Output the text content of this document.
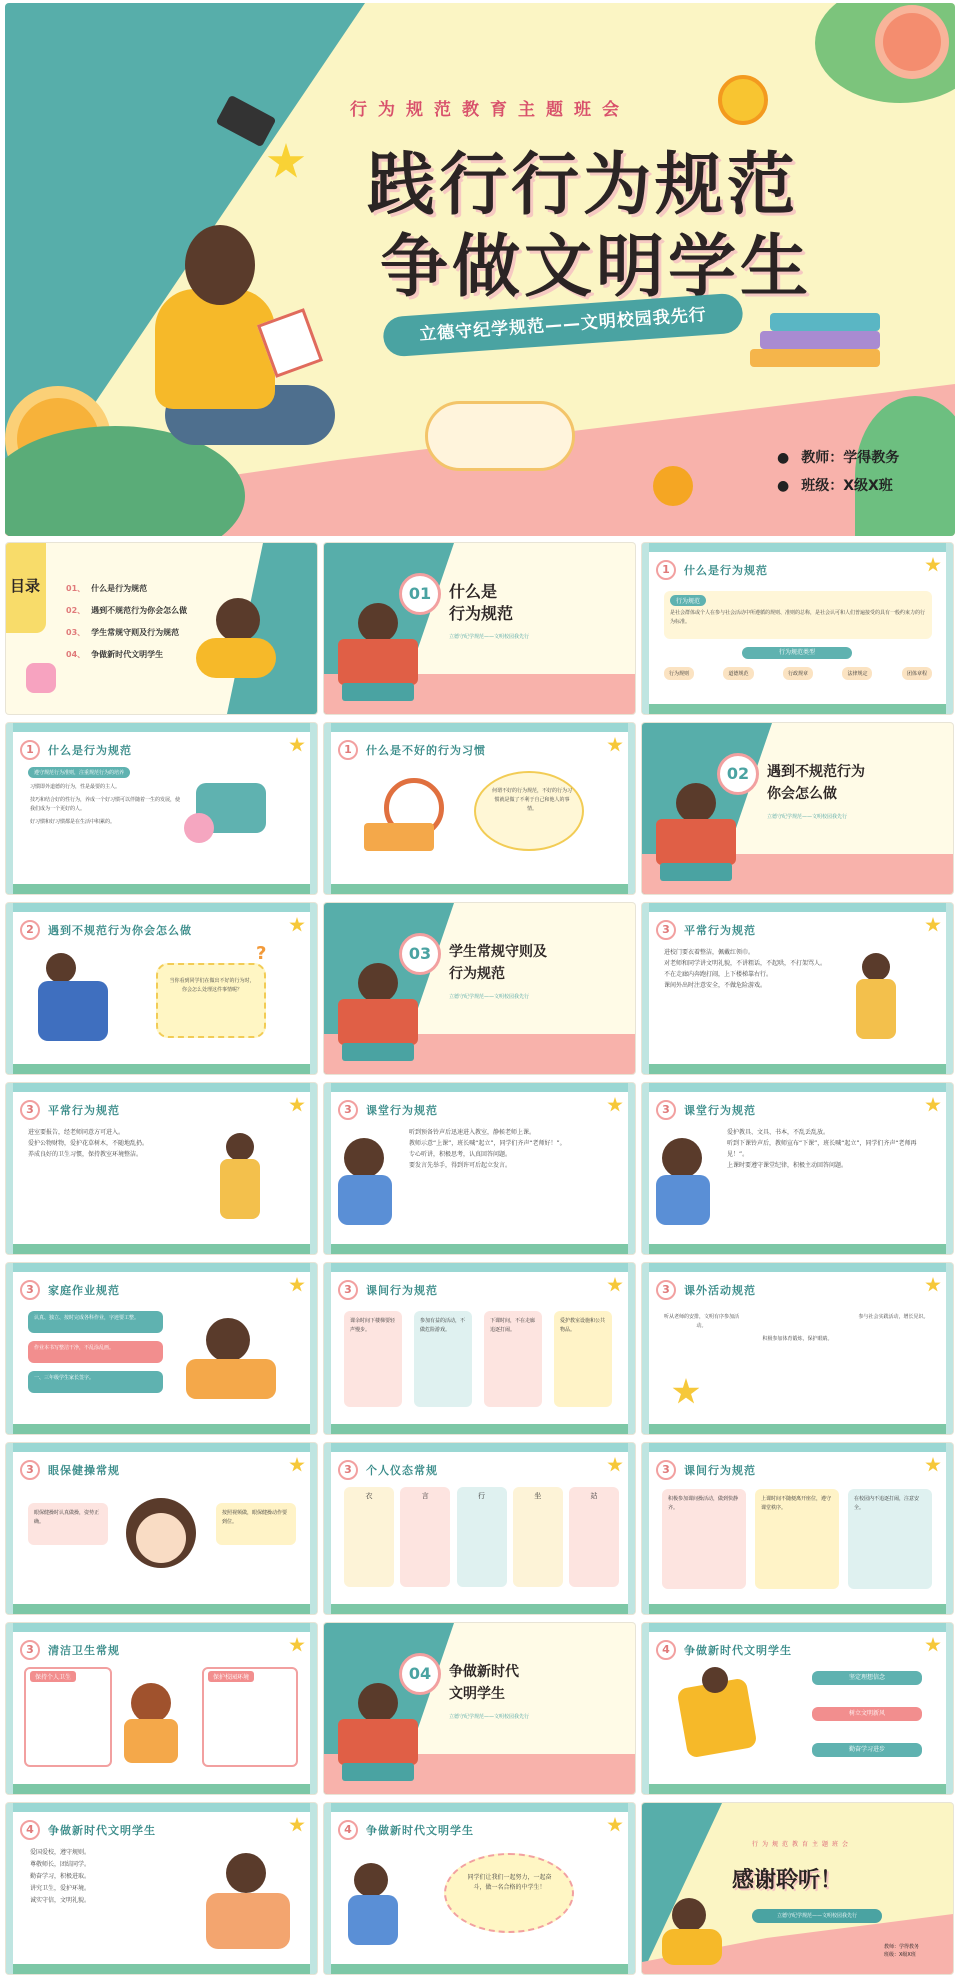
行为规范教育主题班会
践行行为规范
争做文明学生
立德守纪学规范——文明校园我先行
● 教师：学得教务
● 班级：X级X班
目录	01、 什么是行为规范
02、 遇到不规范行为你会怎么做
03、 学生常规守则及行为规范
04、 争做新时代文明学生
01	什么是
行为规范
立德守纪学规范——文明校园我先行
1	什么是行为规范
行为规范
是社会群体或个人在参与社会活动中所遵循的规则、准则的总称，是社会认可和人们普遍接受的具有一般约束力的行为标准。
行为规范类型
行为规则	道德规范	行政规章	法律规定	团体章程
1	什么是行为规范
遵守规范行为准则，注重规范行为的培养
习惯即外道德的行为，性是最要的主人。
技巧和结合好的性行为，养成一个好习惯可以伴随着一生的发展，使我们成为一个更好的人。
好习惯和好习惯都是在生活中积累的。
1	什么是不好的行为习惯
何谓不好的行为规范，不好的行为习惯就是做了不利于自己和他人的事情。
02	遇到不规范行为
你会怎么做
立德守纪学规范——文明校园我先行
2	遇到不规范行为你会怎么做
当你看到同学们在做出不好的行为时，你会怎么处理这件事情呢？
?	03	学生常规守则及
行为规范
立德守纪学规范——文明校园我先行
3	平常行为规范
进校门要衣着整洁，佩戴红领巾。
对老师和同学讲文明礼貌，不讲粗话，不起哄，不打架骂人。
不在走廊内奔跑打闹，上下楼梯靠右行。
课间外出时注意安全，不做危险游戏。
3	平常行为规范
进室要报告，经老师同意方可进入。
爱护公物财物，爱护花草树木，不随地乱扔。
养成良好的卫生习惯，保持教室环境整洁。
3	课堂行为规范
听到预备铃声后迅速进入教室，静候老师上课。
教师示意“上课”，班长喊“起立”，同学们齐声“老师好！”。
专心听讲，积极思考，认真回答问题。
要发言先举手，得到许可后起立发言。
3	课堂行为规范
爱护教具、文具、书本，不乱丢乱放。
听到下课铃声后，教师宣布“下课”，班长喊“起立”，同学们齐声“老师再见！”。
上课时要遵守课堂纪律，积极主动回答问题。
3	家庭作业规范
认真、独立、按时完成各科作业，字迹要工整。
作业本书写整洁干净，不乱涂乱画。
一、三年级学生家长签字。
3	课间行为规范
课余时间下楼梯要轻声慢步。
参加有益的活动，不做危险游戏。
下课时间，不在走廊追逐打闹。
爱护教室设施和公共物品。
3	课外活动规范
听从老师的安排，文明有序参加活动。
积极参加体育锻炼，保护眼睛。
参与社会实践活动，增长见识。
3	眼保健操常规
眼保健操时认真做操，姿势正确。
按照视频做，眼保健操动作要到位。
3	个人仪态常规
衣	言	行	坐	站
3	课间行为规范
积极参加课间操活动，做到快静齐。
上课时间不随便离开座位，遵守课堂秩序。
在校园内不追逐打闹，注意安全。
3	清洁卫生常规
保持个人卫生	保护校园环境	04	争做新时代
文明学生
立德守纪学规范——文明校园我先行
4	争做新时代文明学生
坚定理想信念
树立文明新风
勤奋学习进步
4	争做新时代文明学生
爱国爱校，遵守规则。
尊敬师长，团结同学。
勤奋学习，积极进取。
讲究卫生，爱护环境。
诚实守信，文明礼貌。
4	争做新时代文明学生
同学们让我们一起努力，一起奋斗，做一名合格的中学生！
行为规范教育主题班会
感谢聆听！
立德守纪学规范——文明校园我先行
教师：学得教务
班级：X级X班
